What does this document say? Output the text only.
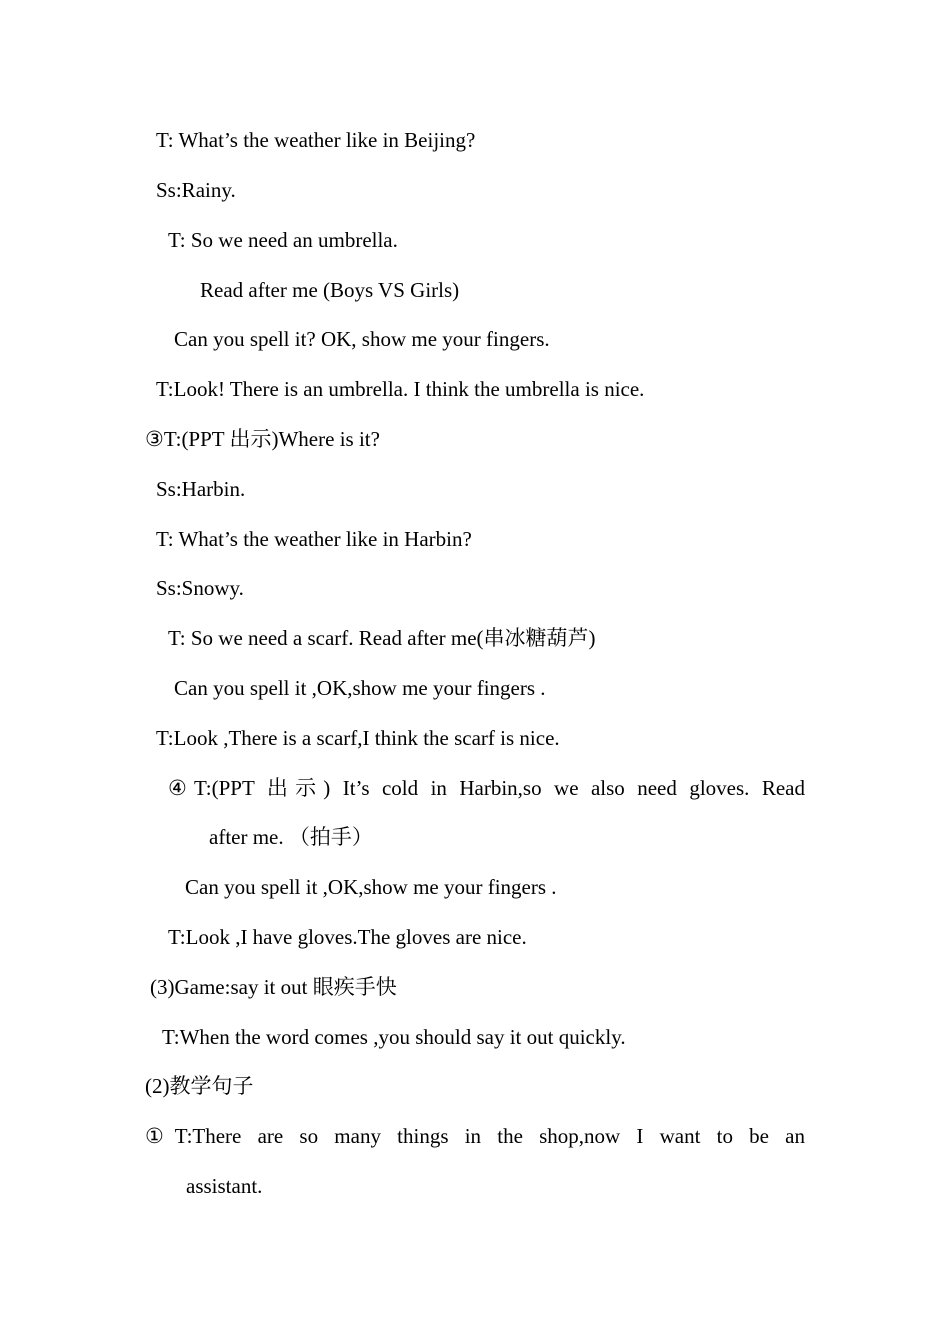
T: What’s the weather like in Beijing?
Ss:Rainy.
T: So we need an umbrella.
Read after me (Boys VS Girls)
Can you spell it? OK, show me your fingers.
T:Look! There is an umbrella. I think the umbrella is nice.
③T:(PPT 出示)Where is it?
Ss:Harbin.
T: What’s the weather like in Harbin?
Ss:Snowy.
T: So we need a scarf. Read after me(串冰糖葫芦)
Can you spell it ,OK,show me your fingers .
T:Look ,There is a scarf,I think the scarf is nice.
④T:(PPT 出示) It’s cold in Harbin,so we also need gloves. Read
after me. （拍手）
Can you spell it ,OK,show me your fingers .
T:Look ,I have gloves.The gloves are nice.
(3)Game:say it out 眼疾手快
T:When the word comes ,you should say it out quickly.
(2)教学句子
①T:There are so many things in the shop,now I want to be an
assistant.
